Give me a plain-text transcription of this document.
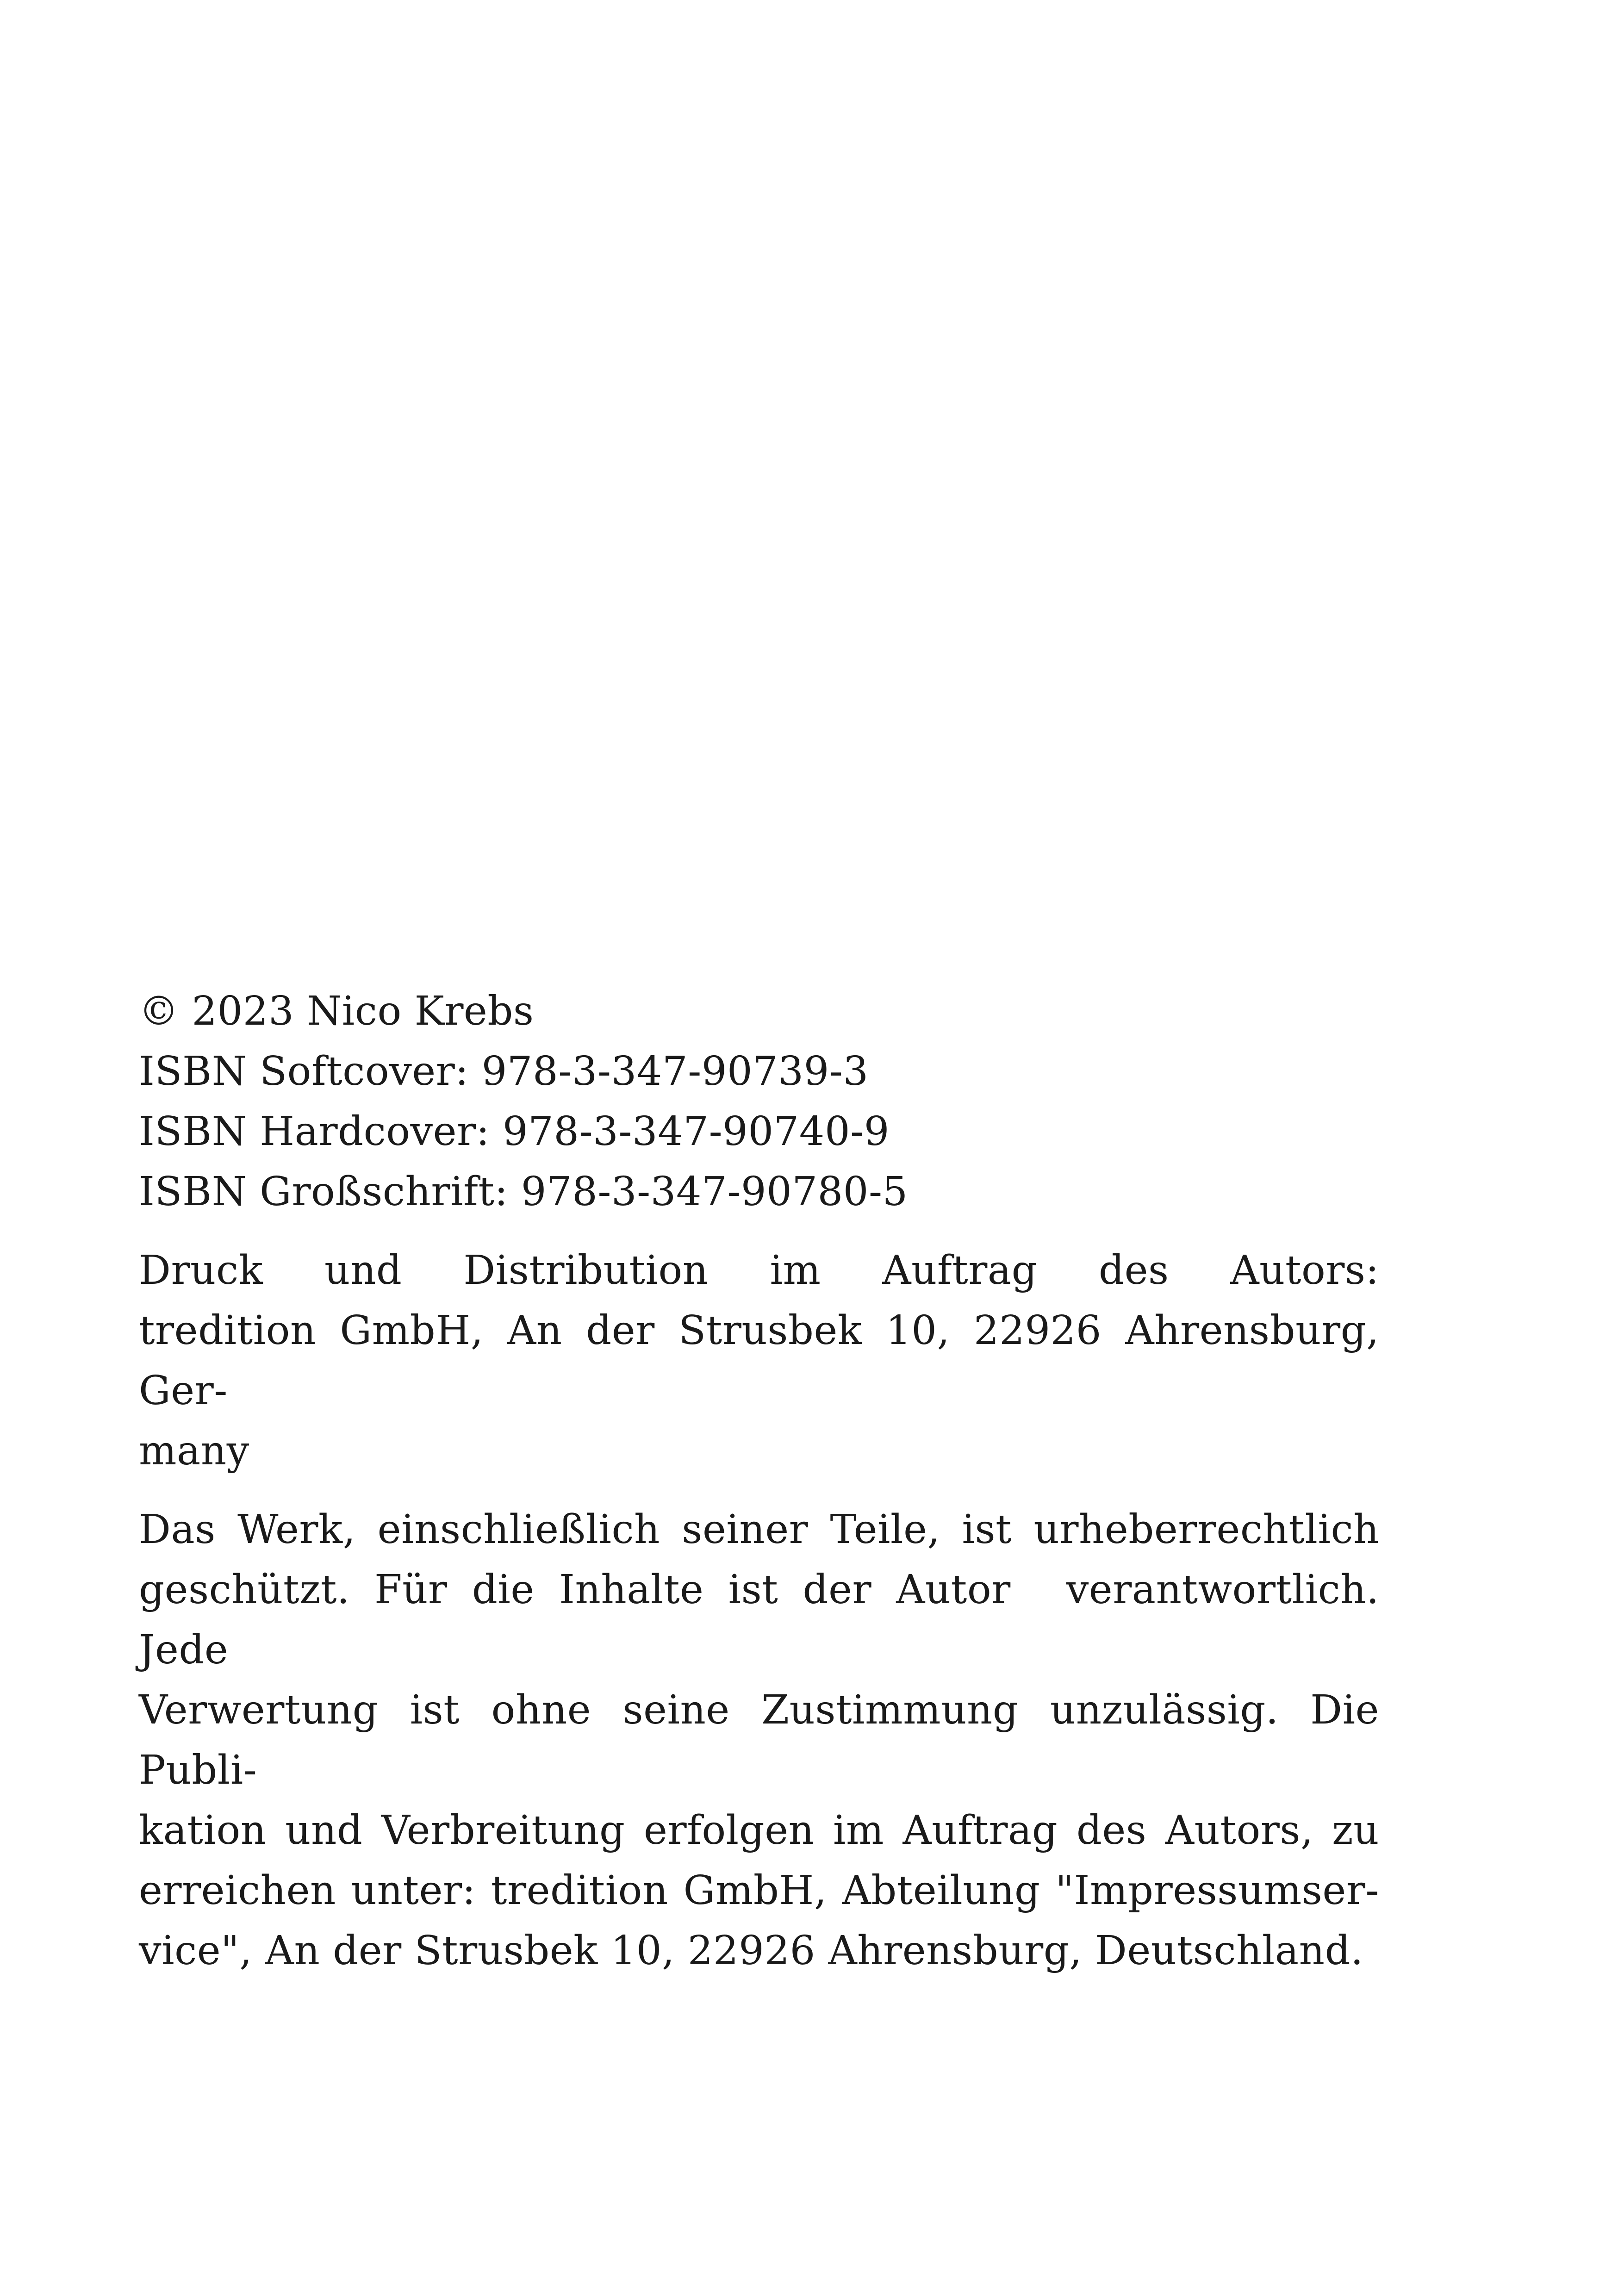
© 2023 Nico Krebs

ISBN Softcover: 978-3-347-90739-3
ISBN Hardcover: 978-3-347-90740-9
ISBN Großschrift: 978-3-347-90780-5
Druck und Distribution im Auftrag des Autors:
tredition GmbH, An der Strusbek 10, 22926 Ahrensburg, Ger-
many
Das Werk, einschließlich seiner Teile, ist urheberrechtlich
geschützt. Für die Inhalte ist der Autor verantwortlich. Jede
Verwertung ist ohne seine Zustimmung unzulässig. Die Publi-
kation und Verbreitung erfolgen im Auftrag des Autors, zu
erreichen unter: tredition GmbH, Abteilung "Impressumser-
vice", An der Strusbek 10, 22926 Ahrensburg, Deutschland.
